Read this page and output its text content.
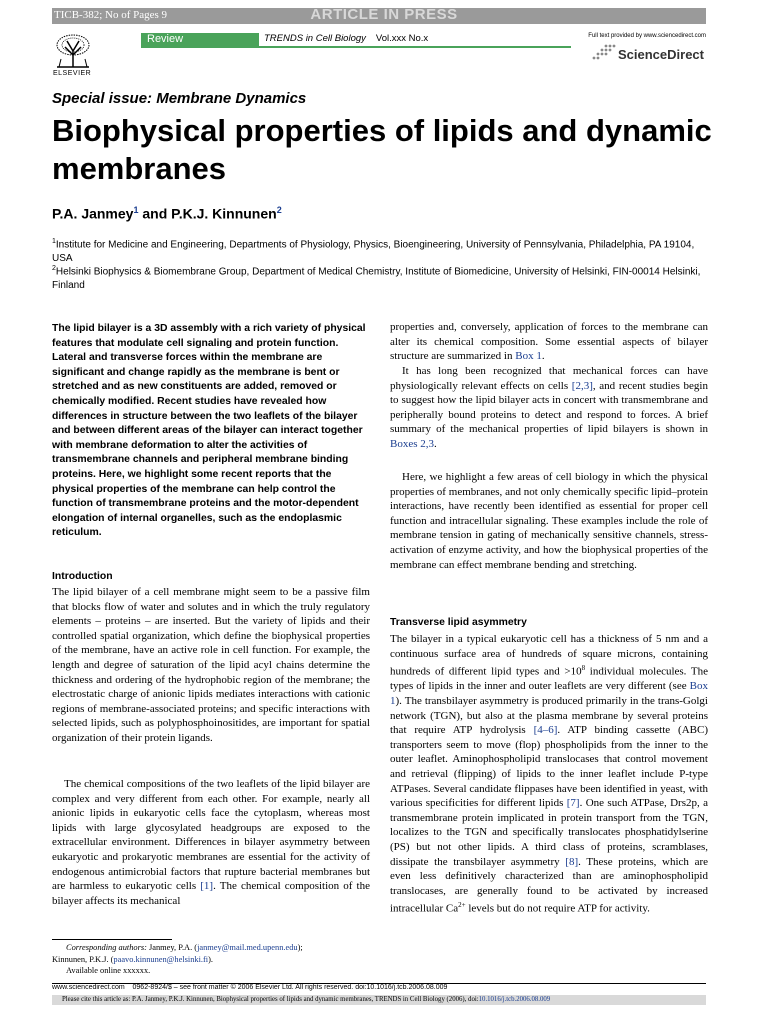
TICB-382; No of Pages 9	ARTICLE IN PRESS
ELSEVIER
Review	TRENDS in Cell Biology Vol.xxx No.x	Full text provided by www.sciencedirect.com
ScienceDirect
Special issue: Membrane Dynamics
Biophysical properties of lipids and dynamic membranes
P.A. Janmey$^1$ and P.K.J. Kinnunen$^2$
$^1$Institute for Medicine and Engineering, Departments of Physiology, Physics, Bioengineering, University of Pennsylvania, Philadelphia, PA 19104, USA
$^2$Helsinki Biophysics & Biomembrane Group, Department of Medical Chemistry, Institute of Biomedicine, University of Helsinki, FIN-00014 Helsinki, Finland
The lipid bilayer is a 3D assembly with a rich variety of physical features that modulate cell signaling and protein function. Lateral and transverse forces within the membrane are significant and change rapidly as the membrane is bent or stretched and as new constituents are added, removed or chemically modified. Recent studies have revealed how differences in structure between the two leaflets of the bilayer and between different areas of the bilayer can interact together with membrane deformation to alter the activities of transmembrane channels and peripheral membrane binding proteins. Here, we highlight some recent reports that the physical properties of the membrane can help control the function of transmembrane proteins and the motor-dependent elongation of internal organelles, such as the endoplasmic reticulum.
Introduction
The lipid bilayer of a cell membrane might seem to be a passive film that blocks flow of water and solutes and in which the truly regulatory elements – proteins – are inserted. But the variety of lipids and their controlled spatial organization, which define the biophysical properties of the membrane, have an active role in cell function. For example, the length and degree of saturation of the lipid acyl chains determine the thickness and ordering of the hydrophobic region of the membrane; the electrostatic charge of anionic lipids mediates interactions with cationic regions of membrane-associated proteins; and specific interactions with selected lipids, such as polyphosphoinositides, are important for spatial organization of their protein ligands.
The chemical compositions of the two leaflets of the lipid bilayer are complex and very different from each other. For example, nearly all anionic lipids in eukaryotic cells face the cytoplasm, whereas most lipids with large glycosylated headgroups are exposed to the extracellular environment. Differences in bilayer asymmetry between eukaryotic and prokaryotic membranes are essential for the activity of endogenous antimicrobial factors that rupture bacterial membranes but are harmless to eukaryotic cells [1]. The chemical composition of the bilayer affects its mechanical
Corresponding authors: Janmey, P.A. (janmey@mail.med.upenn.edu);
Kinnunen, P.K.J. (paavo.kinnunen@helsinki.fi).
Available online xxxxxx.
properties and, conversely, application of forces to the membrane can alter its chemical composition. Some essential aspects of bilayer structure are summarized in Box 1.
It has long been recognized that mechanical forces can have physiologically relevant effects on cells [2,3], and recent studies begin to suggest how the lipid bilayer acts in concert with transmembrane and peripherally bound proteins to detect and respond to forces. A brief summary of the mechanical properties of lipid bilayers is shown in Boxes 2,3.
Here, we highlight a few areas of cell biology in which the physical properties of membranes, and not only chemically specific lipid–protein interactions, have recently been identified as essential for proper cell function and intracellular signaling. These examples include the role of membrane tension in gating of mechanically sensitive channels, stress-activation of enzyme activity, and how the biophysical properties of the membrane can effect membrane bending and stretching.
Transverse lipid asymmetry
The bilayer in a typical eukaryotic cell has a thickness of 5 nm and a continuous surface area of hundreds of square microns, containing hundreds of different lipid types and $>10^8$ individual molecules. The types of lipids in the inner and outer leaflets are very different (see Box 1). The transbilayer asymmetry is produced primarily in the trans-Golgi network (TGN), but also at the plasma membrane by several proteins that require ATP hydrolysis [4–6]. ATP binding cassette (ABC) transporters seem to move (flop) phospholipids from the inner to the outer leaflet. Aminophospholipid translocases that control movement and retrieval (flipping) of lipids to the inner leaflet include P-type ATPases. Several candidate flippases have been identified in yeast, with various specificities for different lipids [7]. One such ATPase, Drs2p, a transmembrane protein implicated in protein transport from the TGN, localizes to the TGN and specifically translocates phosphatidylserine (PS) but not other lipids. A third class of proteins, scramblases, dissipate the transbilayer asymmetry [8]. These proteins, which are even less definitively characterized than are aminophospholipid translocases, are generally found to be activated by increased intracellular $Ca^{2+}$ levels but do not require ATP for activity.
www.sciencedirect.com    0962-8924/$ – see front matter © 2006 Elsevier Ltd. All rights reserved. doi:10.1016/j.tcb.2006.08.009
Please cite this article as: P.A. Janmey, P.K.J. Kinnunen, Biophysical properties of lipids and dynamic membranes, TRENDS in Cell Biology (2006), doi:10.1016/j.tcb.2006.08.009
